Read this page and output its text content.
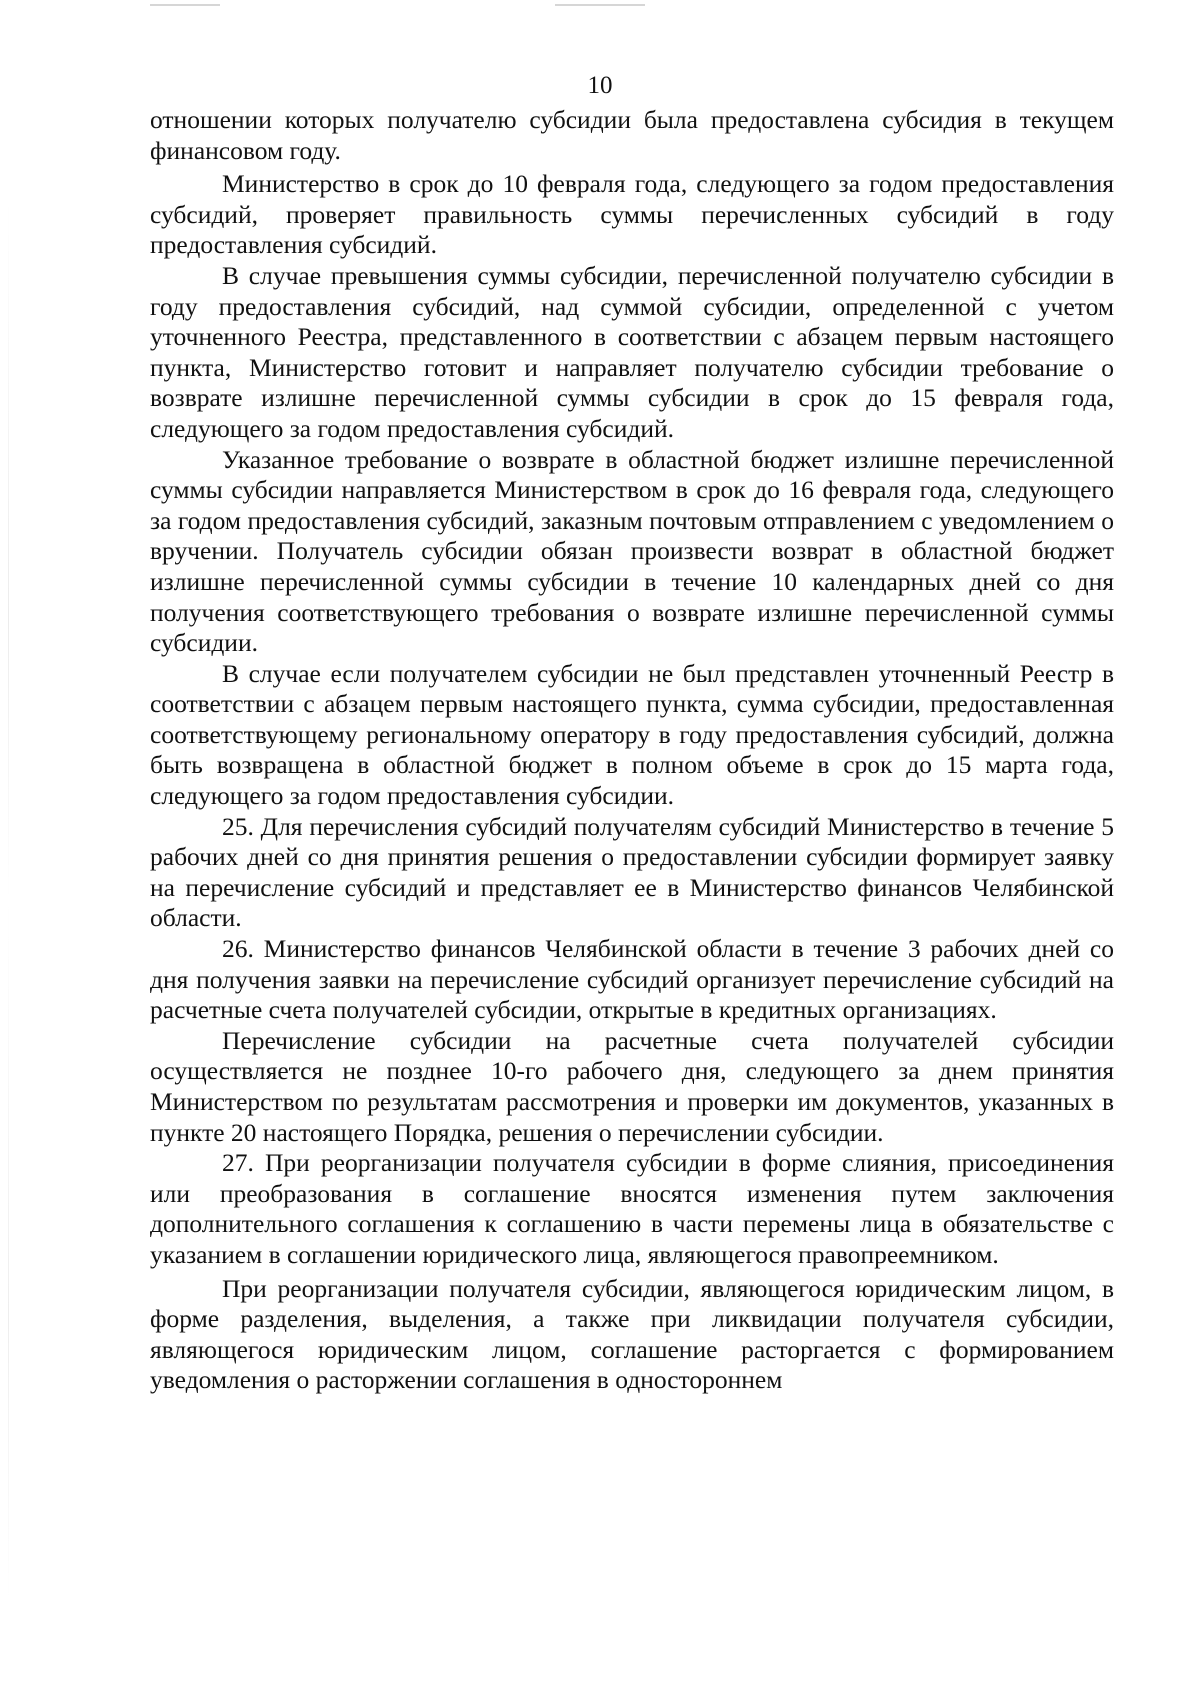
10

отношении которых получателю субсидии была предоставлена субсидия в текущем финансовом году.

Министерство в срок до 10 февраля года, следующего за годом предоставления субсидий, проверяет правильность суммы перечисленных субсидий в году предоставления субсидий.

В случае превышения суммы субсидии, перечисленной получателю субсидии в году предоставления субсидий, над суммой субсидии, определенной с учетом уточненного Реестра, представленного в соответствии с абзацем первым настоящего пункта, Министерство готовит и направляет получателю субсидии требование о возврате излишне перечисленной суммы субсидии в срок до 15 февраля года, следующего за годом предоставления субсидий.

Указанное требование о возврате в областной бюджет излишне перечисленной суммы субсидии направляется Министерством в срок до 16 февраля года, следующего за годом предоставления субсидий, заказным почтовым отправлением с уведомлением о вручении. Получатель субсидии обязан произвести возврат в областной бюджет излишне перечисленной суммы субсидии в течение 10 календарных дней со дня получения соответствующего требования о возврате излишне перечисленной суммы субсидии.

В случае если получателем субсидии не был представлен уточненный Реестр в соответствии с абзацем первым настоящего пункта, сумма субсидии, предоставленная соответствующему региональному оператору в году предоставления субсидий, должна быть возвращена в областной бюджет в полном объеме в срок до 15 марта года, следующего за годом предоставления субсидии.

25. Для перечисления субсидий получателям субсидий Министерство в течение 5 рабочих дней со дня принятия решения о предоставлении субсидии формирует заявку на перечисление субсидий и представляет ее в Министерство финансов Челябинской области.

26. Министерство финансов Челябинской области в течение 3 рабочих дней со дня получения заявки на перечисление субсидий организует перечисление субсидий на расчетные счета получателей субсидии, открытые в кредитных организациях.

Перечисление субсидии на расчетные счета получателей субсидии осуществляется не позднее 10-го рабочего дня, следующего за днем принятия Министерством по результатам рассмотрения и проверки им документов, указанных в пункте 20 настоящего Порядка, решения о перечислении субсидии.

27. При реорганизации получателя субсидии в форме слияния, присоединения или преобразования в соглашение вносятся изменения путем заключения дополнительного соглашения к соглашению в части перемены лица в обязательстве с указанием в соглашении юридического лица, являющегося правопреемником.

При реорганизации получателя субсидии, являющегося юридическим лицом, в форме разделения, выделения, а также при ликвидации получателя субсидии, являющегося юридическим лицом, соглашение расторгается с формированием уведомления о расторжении соглашения в одностороннем
